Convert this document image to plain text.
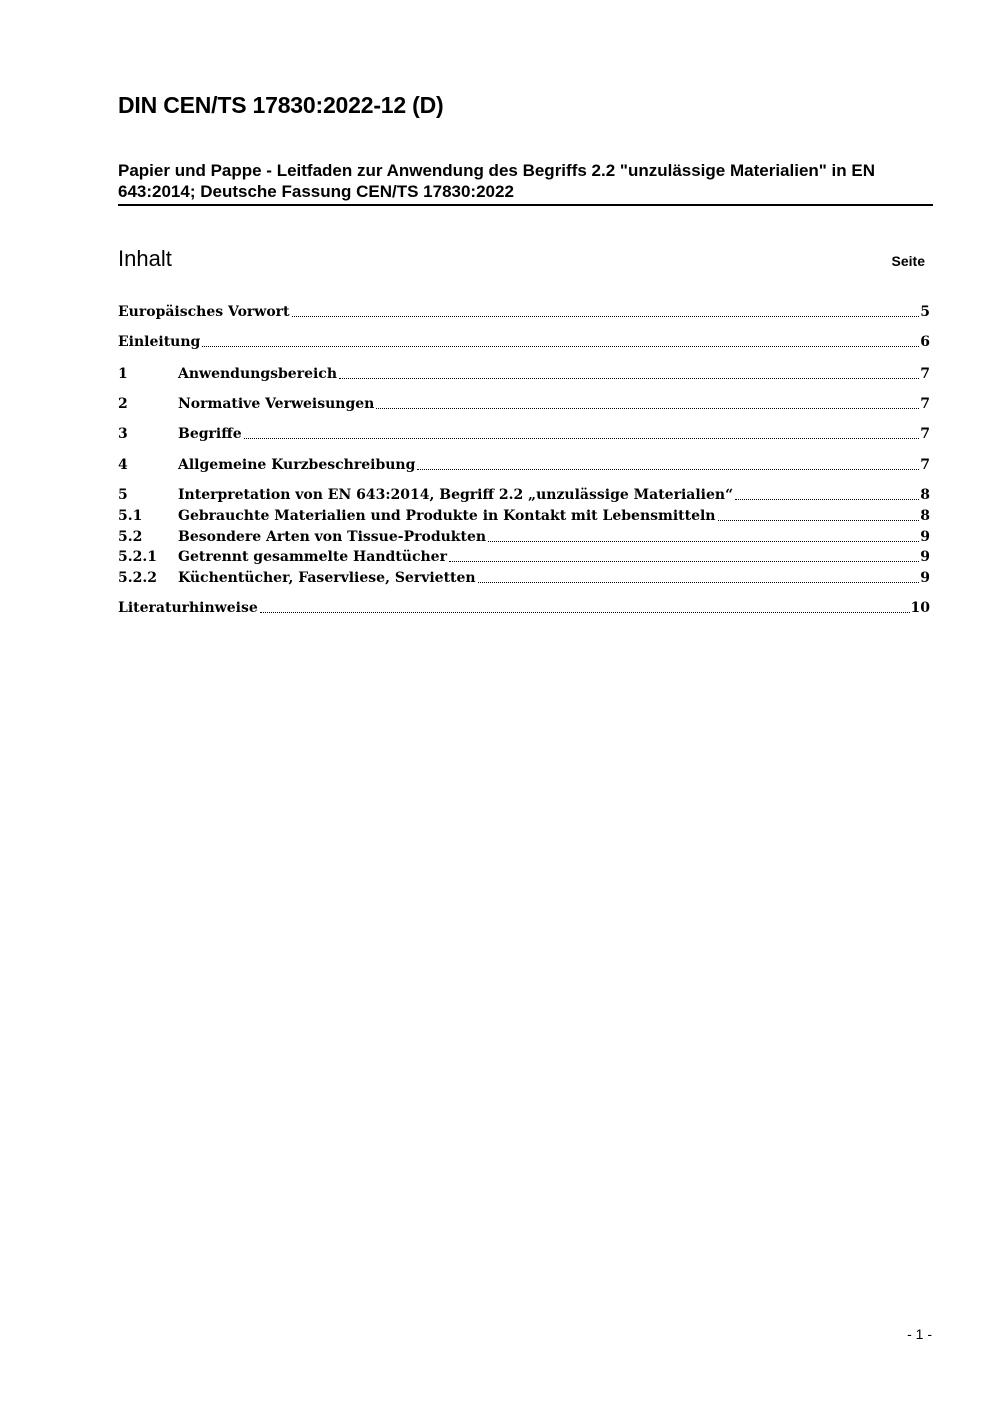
DIN CEN/TS 17830:2022-12 (D)
Papier und Pappe - Leitfaden zur Anwendung des Begriffs 2.2 "unzulässige Materialien" in EN 643:2014; Deutsche Fassung CEN/TS 17830:2022
Inhalt	Seite
Europäisches Vorwort	5
Einleitung	6
1	Anwendungsbereich	7
2	Normative Verweisungen	7
3	Begriffe	7
4	Allgemeine Kurzbeschreibung	7
5	Interpretation von EN 643:2014, Begriff 2.2 „unzulässige Materialien“	8
5.1	Gebrauchte Materialien und Produkte in Kontakt mit Lebensmitteln	8
5.2	Besondere Arten von Tissue-Produkten	9
5.2.1	Getrennt gesammelte Handtücher	9
5.2.2	Küchentücher, Faservliese, Servietten	9
Literaturhinweise	10
- 1 -
